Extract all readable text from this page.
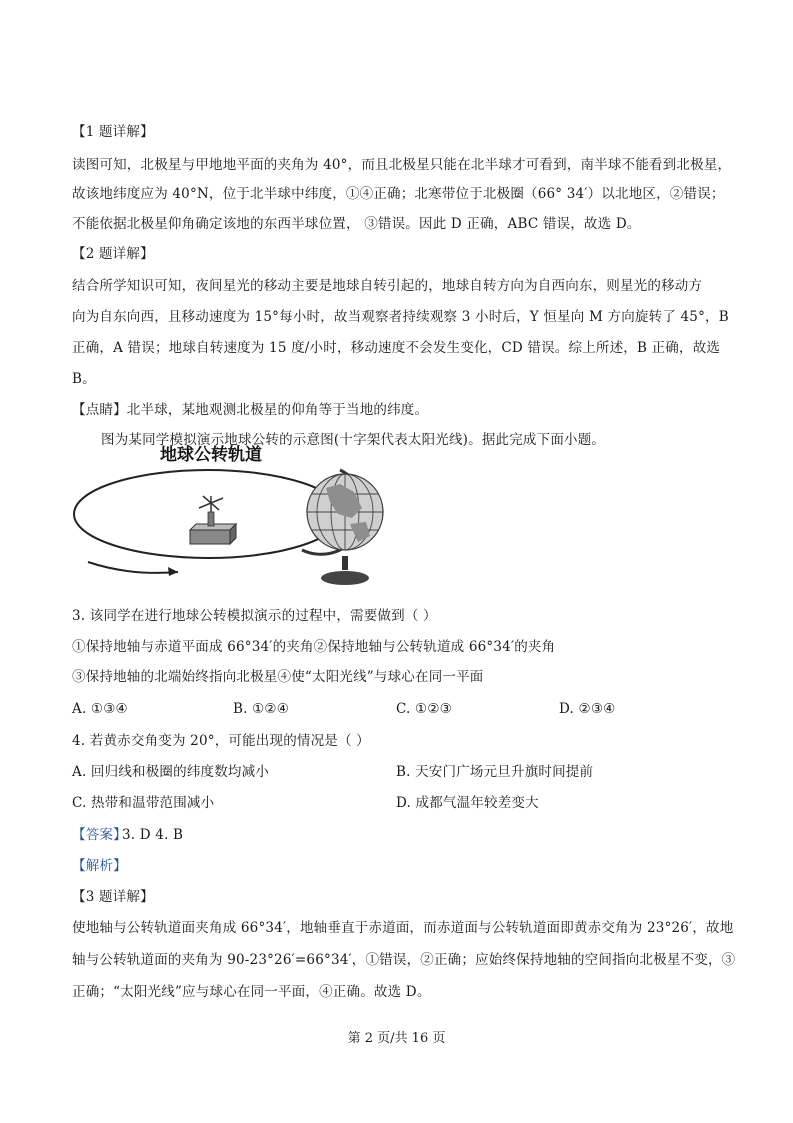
【1 题详解】
读图可知，北极星与甲地地平面的夹角为 40°，而且北极星只能在北半球才可看到，南半球不能看到北极星，
故该地纬度应为 40°N，位于北半球中纬度，①④正确；北寒带位于北极圈（66° 34′）以北地区，②错误；
不能依据北极星仰角确定该地的东西半球位置， ③错误。因此 D 正确，ABC 错误，故选 D。
【2 题详解】
结合所学知识可知，夜间星光的移动主要是地球自转引起的，地球自转方向为自西向东，则星光的移动方
向为自东向西，且移动速度为 15°每小时，故当观察者持续观察 3 小时后，Y 恒星向 M 方向旋转了 45°，B
正确，A 错误；地球自转速度为 15 度/小时，移动速度不会发生变化，CD 错误。综上所述，B 正确，故选
B。
【点睛】北半球，某地观测北极星的仰角等于当地的纬度。
图为某同学模拟演示地球公转的示意图(十字架代表太阳光线)。据此完成下面小题。
地球公转轨道
3. 该同学在进行地球公转模拟演示的过程中，需要做到（ ）
①保持地轴与赤道平面成 66°34′的夹角②保持地轴与公转轨道成 66°34′的夹角
③保持地轴的北端始终指向北极星④使“太阳光线”与球心在同一平面
A. ①③④	B. ①②④	C. ①②③	D. ②③④
4. 若黄赤交角变为 20°，可能出现的情况是（ ）
A. 回归线和极圈的纬度数均减小	B. 天安门广场元旦升旗时间提前
C. 热带和温带范围减小	D. 成都气温年较差变大
【答案】
3. D 4. B
【解析】
【3 题详解】
使地轴与公转轨道面夹角成 66°34′，地轴垂直于赤道面，而赤道面与公转轨道面即黄赤交角为 23°26′，故地
轴与公转轨道面的夹角为 90-23°26′=66°34′，①错误，②正确；应始终保持地轴的空间指向北极星不变，③
正确；“太阳光线”应与球心在同一平面，④正确。故选 D。
第 2 页/共 16 页
